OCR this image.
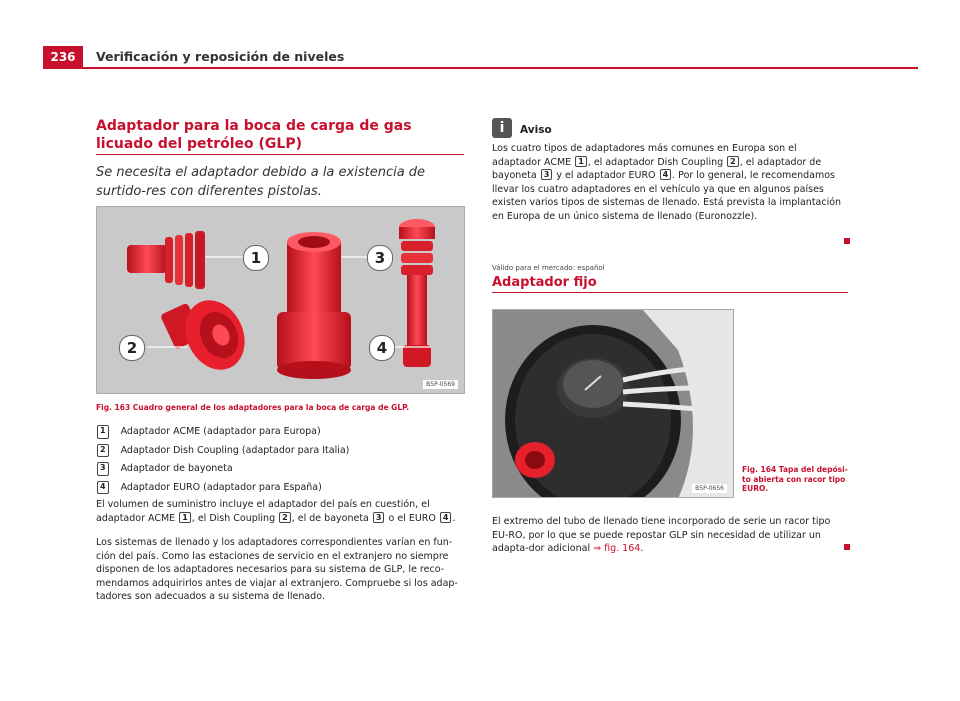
236	Verificación y reposición de niveles
Adaptador para la boca de carga de gas licuado del petróleo (GLP)
Se necesita el adaptador debido a la existencia de surtido-res con diferentes pistolas.
1
2
3
4
B5P-0569
Fig. 163 Cuadro general de los adaptadores para la boca de carga de GLP.
1	Adaptador ACME (adaptador para Europa)
2	Adaptador Dish Coupling (adaptador para Italia)
3	Adaptador de bayoneta
4	Adaptador EURO (adaptador para España)
El volumen de suministro incluye el adaptador del país en cuestión, el adaptador ACME 1 , el Dish Coupling 2 , el de bayoneta 3 o el EURO 4 .
Los sistemas de llenado y los adaptadores correspondientes varían en fun-ción del país. Como las estaciones de servicio en el extranjero no siempre disponen de los adaptadores necesarios para su sistema de GLP, le reco-mendamos adquirirlos antes de viajar al extranjero. Compruebe si los adap-tadores son adecuados a su sistema de llenado.
i	Aviso
Los cuatro tipos de adaptadores más comunes en Europa son el adaptador ACME 1 , el adaptador Dish Coupling 2 , el adaptador de bayoneta 3 y el adaptador EURO 4 . Por lo general, le recomendamos llevar los cuatro adaptadores en el vehículo ya que en algunos países existen varios tipos de sistemas de llenado. Está prevista la implantación en Europa de un único sistema de llenado (Euronozzle).
Válido para el mercado: español
Adaptador fijo
B5P-0656
Fig. 164 Tapa del depósi-to abierta con racor tipo EURO.
El extremo del tubo de llenado tiene incorporado de serie un racor tipo EU-RO, por lo que se puede repostar GLP sin necesidad de utilizar un adapta-dor adicional ⇒ fig. 164.
